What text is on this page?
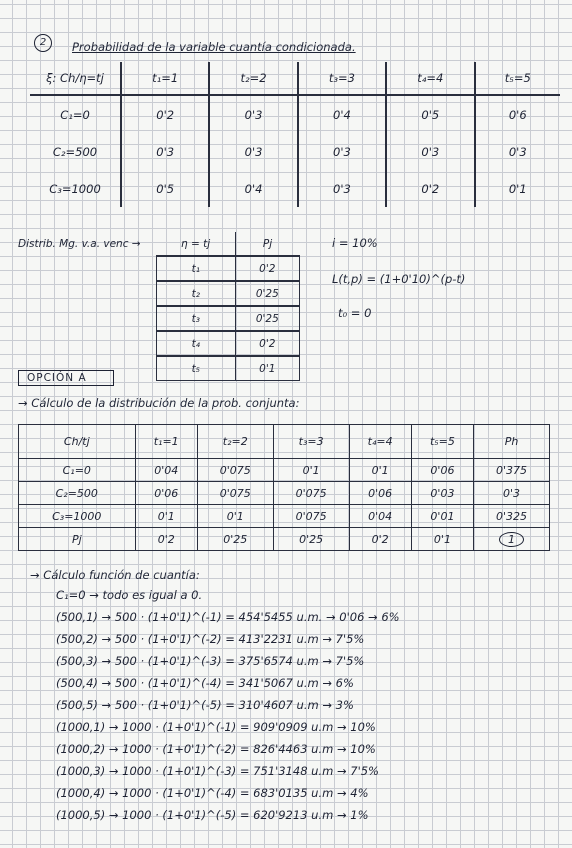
2	Probabilidad de la variable cuantía condicionada.
ξ: Ch/η=tj	t₁=1	t₂=2	t₃=3	t₄=4	t₅=5
C₁=0	0'2	0'3	0'4	0'5	0'6
C₂=500	0'3	0'3	0'3	0'3	0'3
C₃=1000	0'5	0'4	0'3	0'2	0'1
Distrib. Mg. v.a. venc →	η = tj	Pj
t₁	0'2
t₂	0'25
t₃	0'25
t₄	0'2
t₅	0'1
i = 10%
L(t,p) = (1+0'10)^(p-t)
t₀ = 0
OPCIÓN A
→ Cálculo de la distribución de la prob. conjunta:
Ch/tj	t₁=1	t₂=2	t₃=3	t₄=4	t₅=5	Ph
C₁=0	0'04	0'075	0'1	0'1	0'06	0'375
C₂=500	0'06	0'075	0'075	0'06	0'03	0'3
C₃=1000	0'1	0'1	0'075	0'04	0'01	0'325
Pj	0'2	0'25	0'25	0'2	0'1	1
→ Cálculo función de cuantía:
C₁=0 → todo es igual a 0.
(500,1) → 500 · (1+0'1)^(-1) = 454'5455 u.m. → 0'06 → 6%
(500,2) → 500 · (1+0'1)^(-2) = 413'2231 u.m → 7'5%
(500,3) → 500 · (1+0'1)^(-3) = 375'6574 u.m → 7'5%
(500,4) → 500 · (1+0'1)^(-4) = 341'5067 u.m → 6%
(500,5) → 500 · (1+0'1)^(-5) = 310'4607 u.m → 3%
(1000,1) → 1000 · (1+0'1)^(-1) = 909'0909 u.m → 10%
(1000,2) → 1000 · (1+0'1)^(-2) = 826'4463 u.m → 10%
(1000,3) → 1000 · (1+0'1)^(-3) = 751'3148 u.m → 7'5%
(1000,4) → 1000 · (1+0'1)^(-4) = 683'0135 u.m → 4%
(1000,5) → 1000 · (1+0'1)^(-5) = 620'9213 u.m → 1%
